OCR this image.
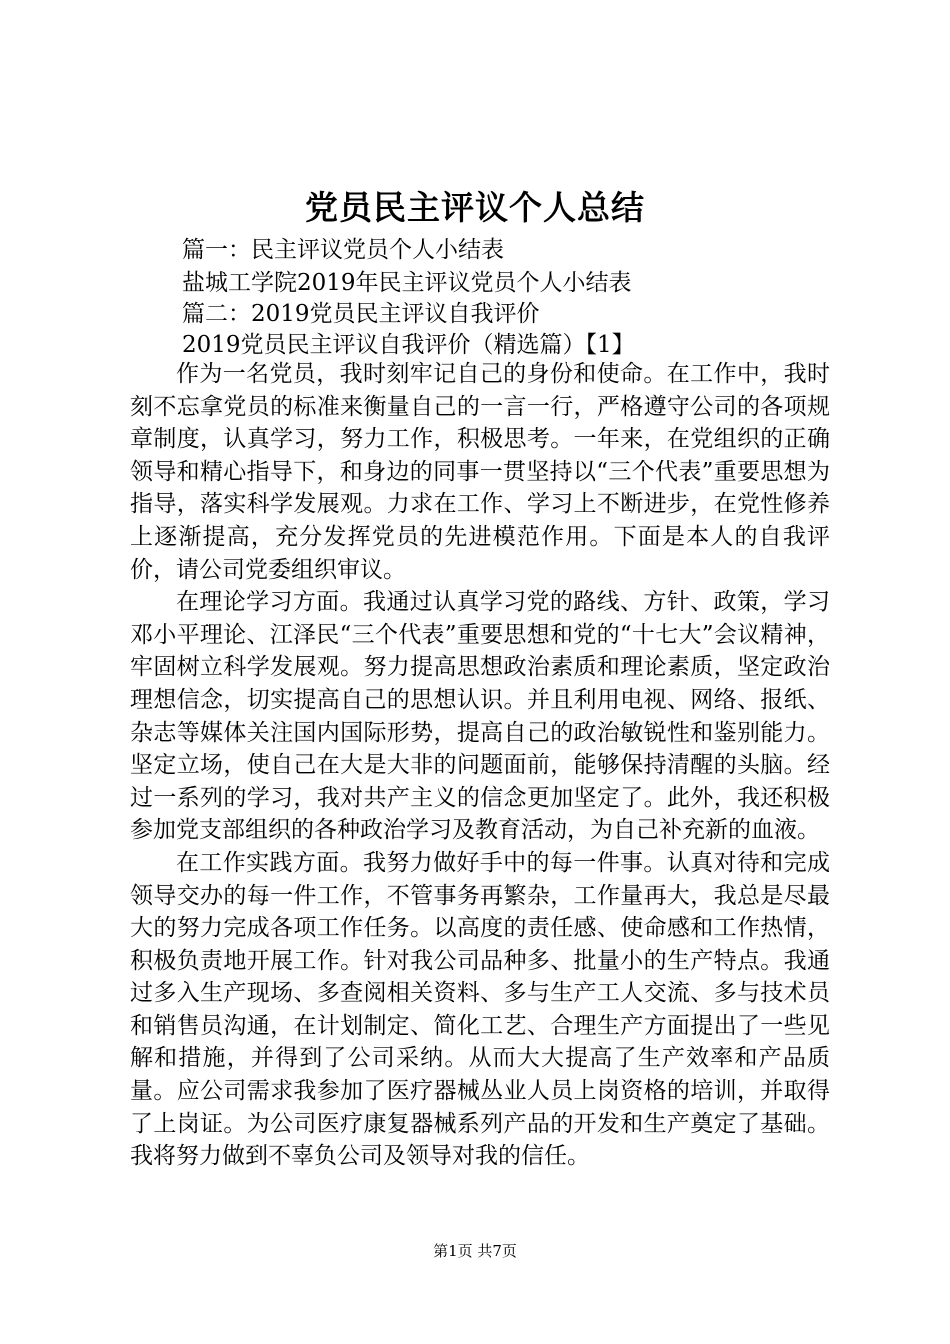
党员民主评议个人总结
篇一：民主评议党员个人小结表
盐城工学院2019年民主评议党员个人小结表
篇二：2019党员民主评议自我评价
2019党员民主评议自我评价（精选篇）【1】

作为一名党员，我时刻牢记自己的身份和使命。在工作中，我时刻不忘拿党员的标准来衡量自己的一言一行，严格遵守公司的各项规章制度，认真学习，努力工作，积极思考。一年来，在党组织的正确领导和精心指导下，和身边的同事一贯坚持以“三个代表”重要思想为指导，落实科学发展观。力求在工作、学习上不断进步，在党性修养上逐渐提高，充分发挥党员的先进模范作用。下面是本人的自我评价，请公司党委组织审议。

在理论学习方面。我通过认真学习党的路线、方针、政策，学习邓小平理论、江泽民“三个代表”重要思想和党的“十七大”会议精神，牢固树立科学发展观。努力提高思想政治素质和理论素质，坚定政治理想信念，切实提高自己的思想认识。并且利用电视、网络、报纸、杂志等媒体关注国内国际形势，提高自己的政治敏锐性和鉴别能力。坚定立场，使自己在大是大非的问题面前，能够保持清醒的头脑。经过一系列的学习，我对共产主义的信念更加坚定了。此外，我还积极参加党支部组织的各种政治学习及教育活动，为自己补充新的血液。

在工作实践方面。我努力做好手中的每一件事。认真对待和完成领导交办的每一件工作，不管事务再繁杂，工作量再大，我总是尽最大的努力完成各项工作任务。以高度的责任感、使命感和工作热情，积极负责地开展工作。针对我公司品种多、批量小的生产特点。我通过多入生产现场、多查阅相关资料、多与生产工人交流、多与技术员和销售员沟通，在计划制定、简化工艺、合理生产方面提出了一些见解和措施，并得到了公司采纳。从而大大提高了生产效率和产品质量。应公司需求我参加了医疗器械丛业人员上岗资格的培训，并取得了上岗证。为公司医疗康复器械系列产品的开发和生产奠定了基础。我将努力做到不辜负公司及领导对我的信任。

第1页 共7页
